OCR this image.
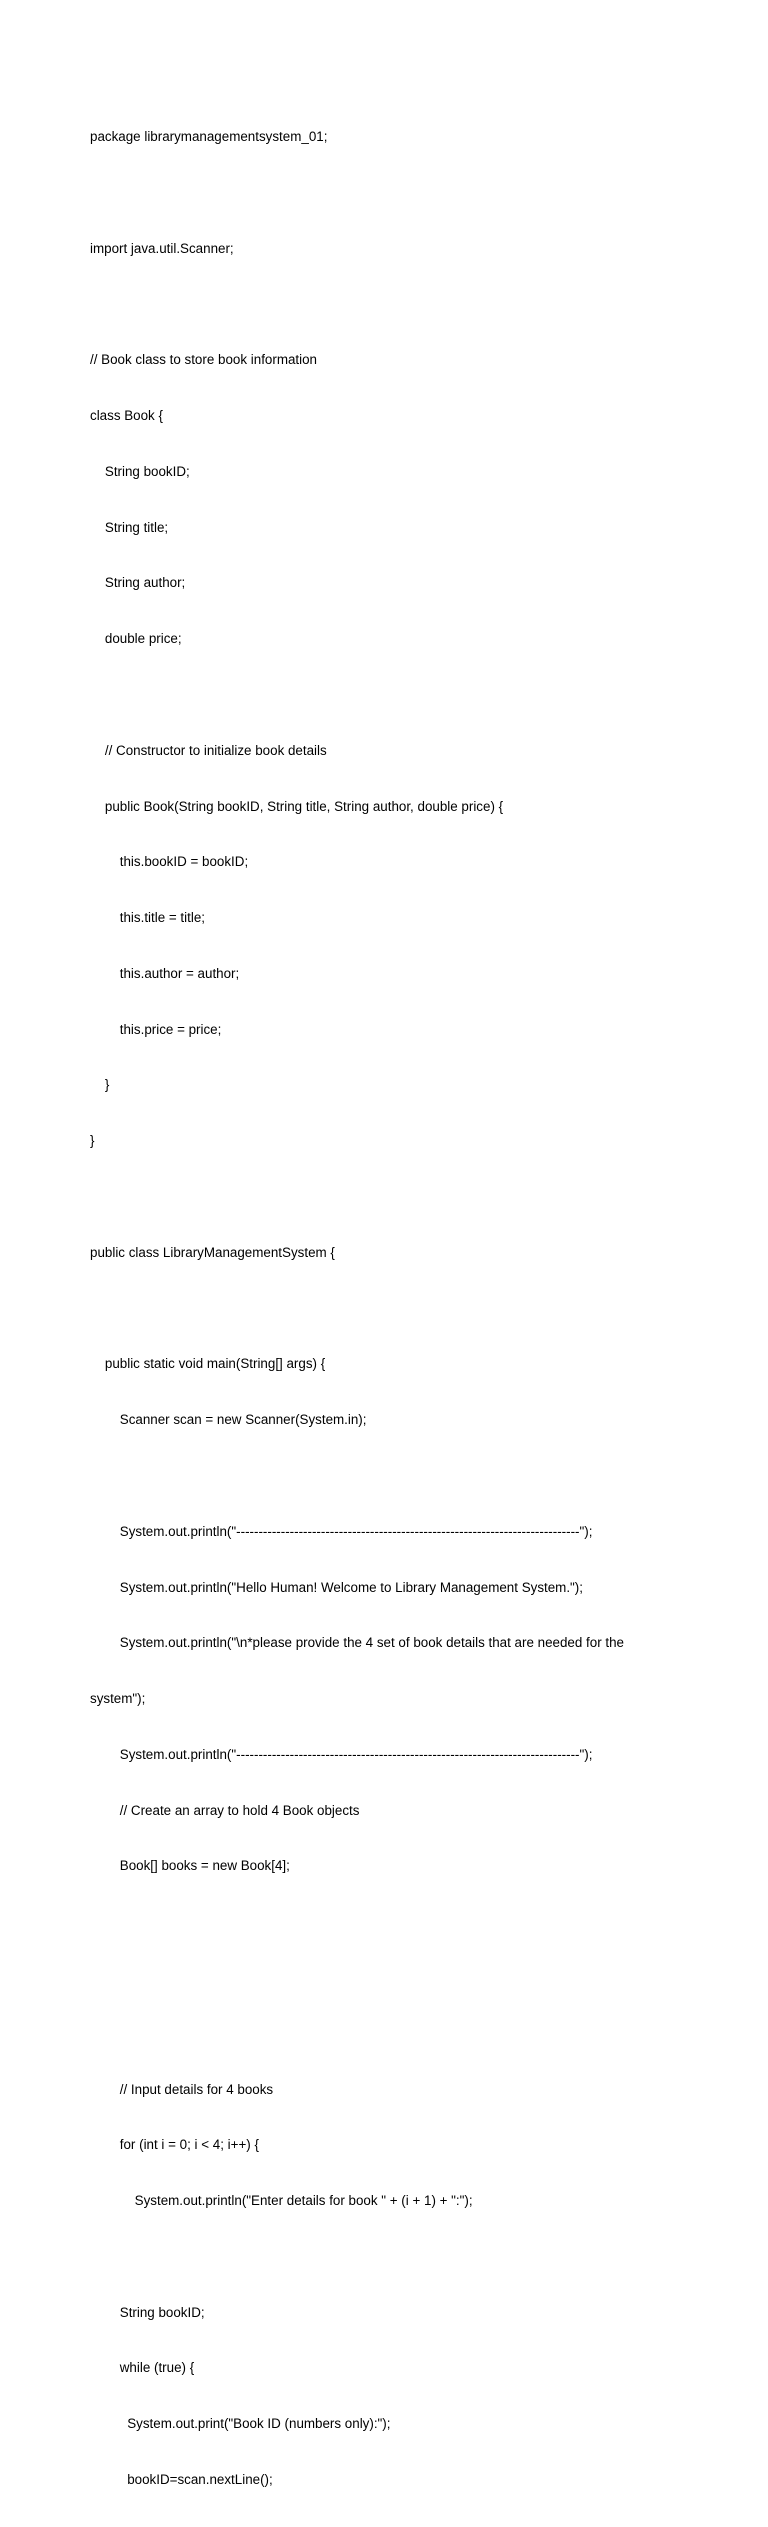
package librarymanagementsystem_01;

import java.util.Scanner;

// Book class to store book information

class Book {

String bookID;

String title;

String author;

double price;

// Constructor to initialize book details

public Book(String bookID, String title, String author, double price) {

this.bookID = bookID;

this.title = title;

this.author = author;

this.price = price;

}

}

public class LibraryManagementSystem {

public static void main(String[] args) {

Scanner scan = new Scanner(System.in);

System.out.println("-----------------------------------------------------------------------------");

System.out.println("Hello Human! Welcome to Library Management System.");

System.out.println("\n*please provide the 4 set of book details that are needed for the

system");

System.out.println("-----------------------------------------------------------------------------");

// Create an array to hold 4 Book objects

Book[] books = new Book[4];

// Input details for 4 books

for (int i = 0; i < 4; i++) {

System.out.println("Enter details for book " + (i + 1) + ":");

String bookID;

while (true) {

System.out.print("Book ID (numbers only):");

bookID=scan.nextLine();
